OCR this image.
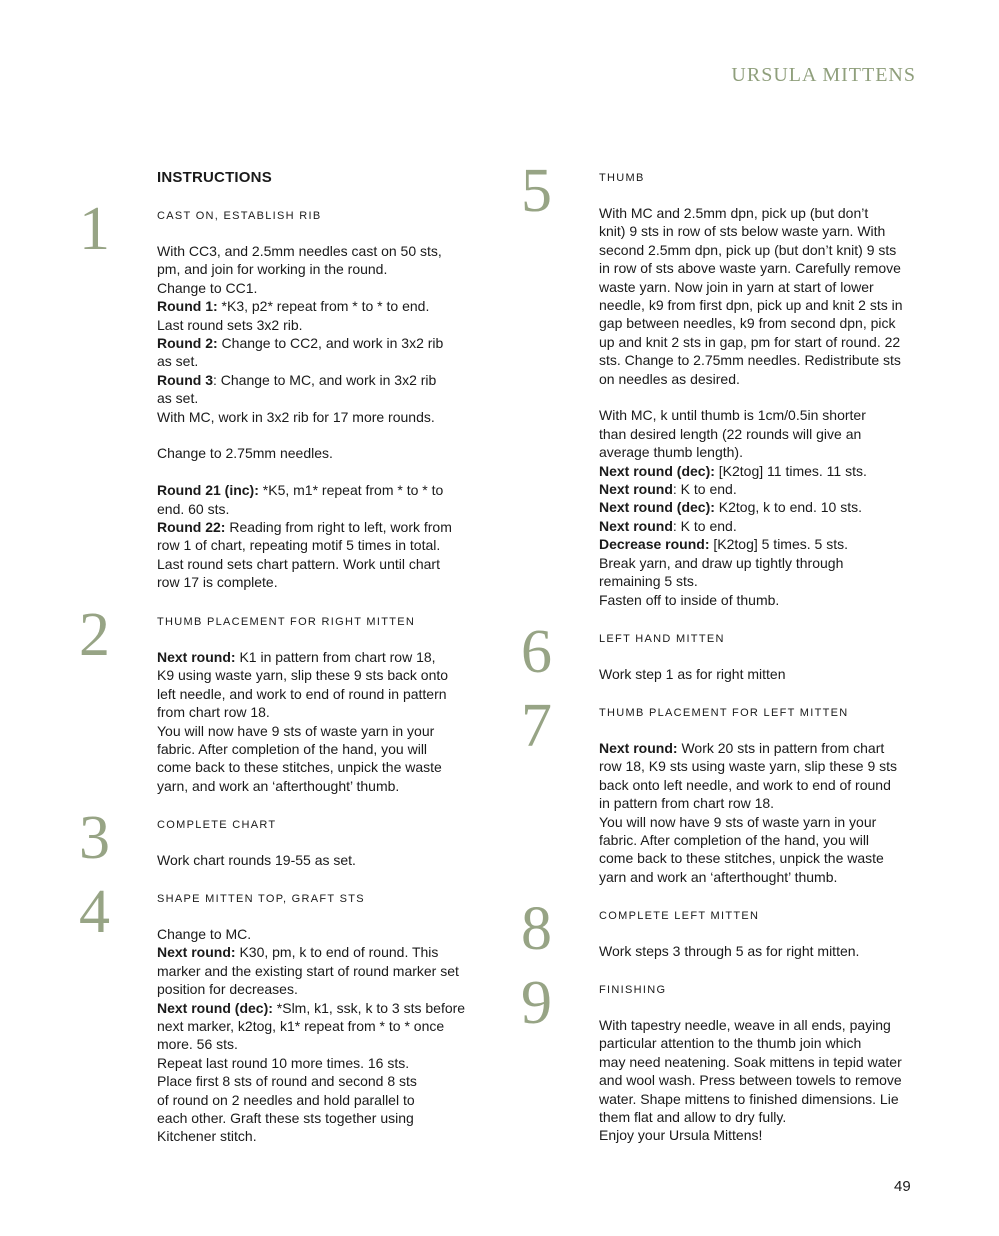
URSULA MITTENS
INSTRUCTIONS
1	CAST ON, ESTABLISH RIB

With CC3, and 2.5mm needles cast on 50 sts,

pm, and join for working in the round.

Change to CC1.

Round 1: *K3, p2* repeat from * to * to end.

Last round sets 3x2 rib.

Round 2: Change to CC2, and work in 3x2 rib

as set.

Round 3: Change to MC, and work in 3x2 rib

as set.

With MC, work in 3x2 rib for 17 more rounds.

Change to 2.75mm needles.

Round 21 (inc): *K5, m1* repeat from * to * to

end. 60 sts.

Round 22: Reading from right to left, work from

row 1 of chart, repeating motif 5 times in total.

Last round sets chart pattern. Work until chart

row 17 is complete.

2	THUMB PLACEMENT FOR RIGHT MITTEN

Next round: K1 in pattern from chart row 18,

K9 using waste yarn, slip these 9 sts back onto

left needle, and work to end of round in pattern

from chart row 18.

You will now have 9 sts of waste yarn in your

fabric. After completion of the hand, you will

come back to these stitches, unpick the waste

yarn, and work an ‘afterthought’ thumb.

3	COMPLETE CHART

Work chart rounds 19-55 as set.

4	SHAPE MITTEN TOP, GRAFT STS

Change to MC.

Next round: K30, pm, k to end of round. This

marker and the existing start of round marker set

position for decreases.

Next round (dec): *Slm, k1, ssk, k to 3 sts before

next marker, k2tog, k1* repeat from * to * once

more. 56 sts.

Repeat last round 10 more times. 16 sts.

Place first 8 sts of round and second 8 sts

of round on 2 needles and hold parallel to

each other. Graft these sts together using

Kitchener stitch.

5	THUMB

With MC and 2.5mm dpn, pick up (but don’t

knit) 9 sts in row of sts below waste yarn. With

second 2.5mm dpn, pick up (but don’t knit) 9 sts

in row of sts above waste yarn. Carefully remove

waste yarn. Now join in yarn at start of lower

needle, k9 from first dpn, pick up and knit 2 sts in

gap between needles, k9 from second dpn, pick

up and knit 2 sts in gap, pm for start of round. 22

sts. Change to 2.75mm needles. Redistribute sts

on needles as desired.

With MC, k until thumb is 1cm/0.5in shorter

than desired length (22 rounds will give an

average thumb length).

Next round (dec): [K2tog] 11 times. 11 sts.

Next round: K to end.

Next round (dec): K2tog, k to end. 10 sts.

Next round: K to end.

Decrease round: [K2tog] 5 times. 5 sts.

Break yarn, and draw up tightly through

remaining 5 sts.

Fasten off to inside of thumb.

6	LEFT HAND MITTEN

Work step 1 as for right mitten

7	THUMB PLACEMENT FOR LEFT MITTEN

Next round: Work 20 sts in pattern from chart

row 18, K9 sts using waste yarn, slip these 9 sts

back onto left needle, and work to end of round

in pattern from chart row 18.

You will now have 9 sts of waste yarn in your

fabric. After completion of the hand, you will

come back to these stitches, unpick the waste

yarn and work an ‘afterthought’ thumb.

8	COMPLETE LEFT MITTEN

Work steps 3 through 5 as for right mitten.

9	FINISHING

With tapestry needle, weave in all ends, paying

particular attention to the thumb join which

may need neatening. Soak mittens in tepid water

and wool wash. Press between towels to remove

water. Shape mittens to finished dimensions. Lie

them flat and allow to dry fully.

Enjoy your Ursula Mittens!

49
